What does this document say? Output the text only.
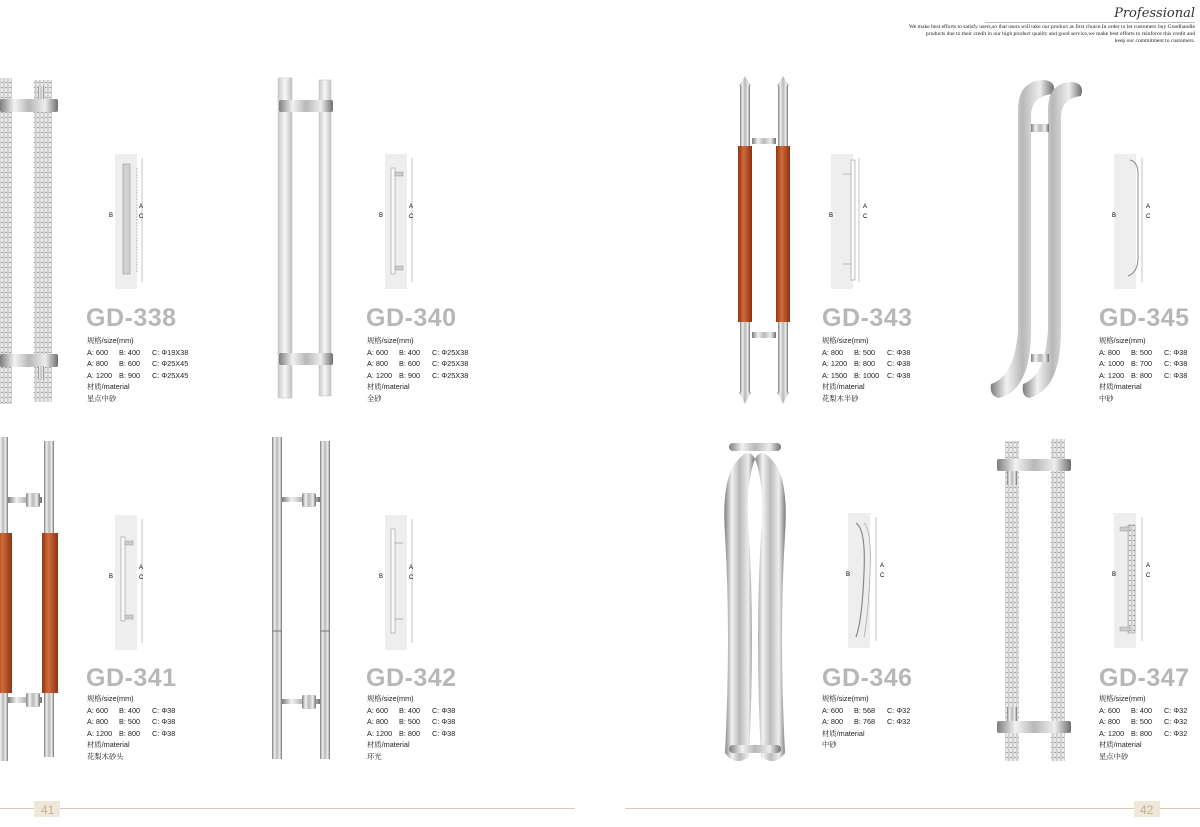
Professional
We make best efforts to satisfy users,so that users will take our product as first choice.In order to let customers buy Goodhandle
products due to their credit in our high product quality and good service,we make best efforts to reinforce this credit and
keep our commitment to customers.
B
A
C
GD-338
规格/size(mm)
A: 600	B: 400	C: Φ19X38
A: 800	B: 600	C: Φ25X45
A: 1200 B: 900	C: Φ25X45
材质/material
星点中砂
B
A
C
GD-340
规格/size(mm)
A: 600	B: 400	C: Φ25X38
A: 800	B: 600	C: Φ25X38
A: 1200 B: 900	C: Φ25X38
材质/material
全砂
B
A
C
GD-343
规格/size(mm)
A: 800	B: 500	C: Φ38
A: 1200 B: 800	C: Φ38
A: 1500 B: 1000	C: Φ38
材质/material
花梨木半砂
B
A
C
GD-345
规格/size(mm)
A: 800	B: 500	C: Φ38
A: 1000 B: 700	C: Φ38
A: 1200 B: 800	C: Φ38
材质/material
中砂
B
A
C
GD-341
规格/size(mm)
A: 600	B: 400	C: Φ38
A: 800	B: 500	C: Φ38
A: 1200 B: 800	C: Φ38
材质/material
花梨木砂头
B
A
C
GD-342
规格/size(mm)
A: 600	B: 400	C: Φ38
A: 800	B: 500	C: Φ38
A: 1200 B: 800	C: Φ38
材质/material
环光
B
A
C
GD-346
规格/size(mm)
A: 600	B: 568	C: Φ32
A: 800	B: 768	C: Φ32
材质/material
中砂
B
A
C
GD-347
规格/size(mm)
A: 600	B: 400	C: Φ32
A: 800	B: 500	C: Φ32
A: 1200 B: 800	C: Φ32
材质/material
星点中砂
41	42
